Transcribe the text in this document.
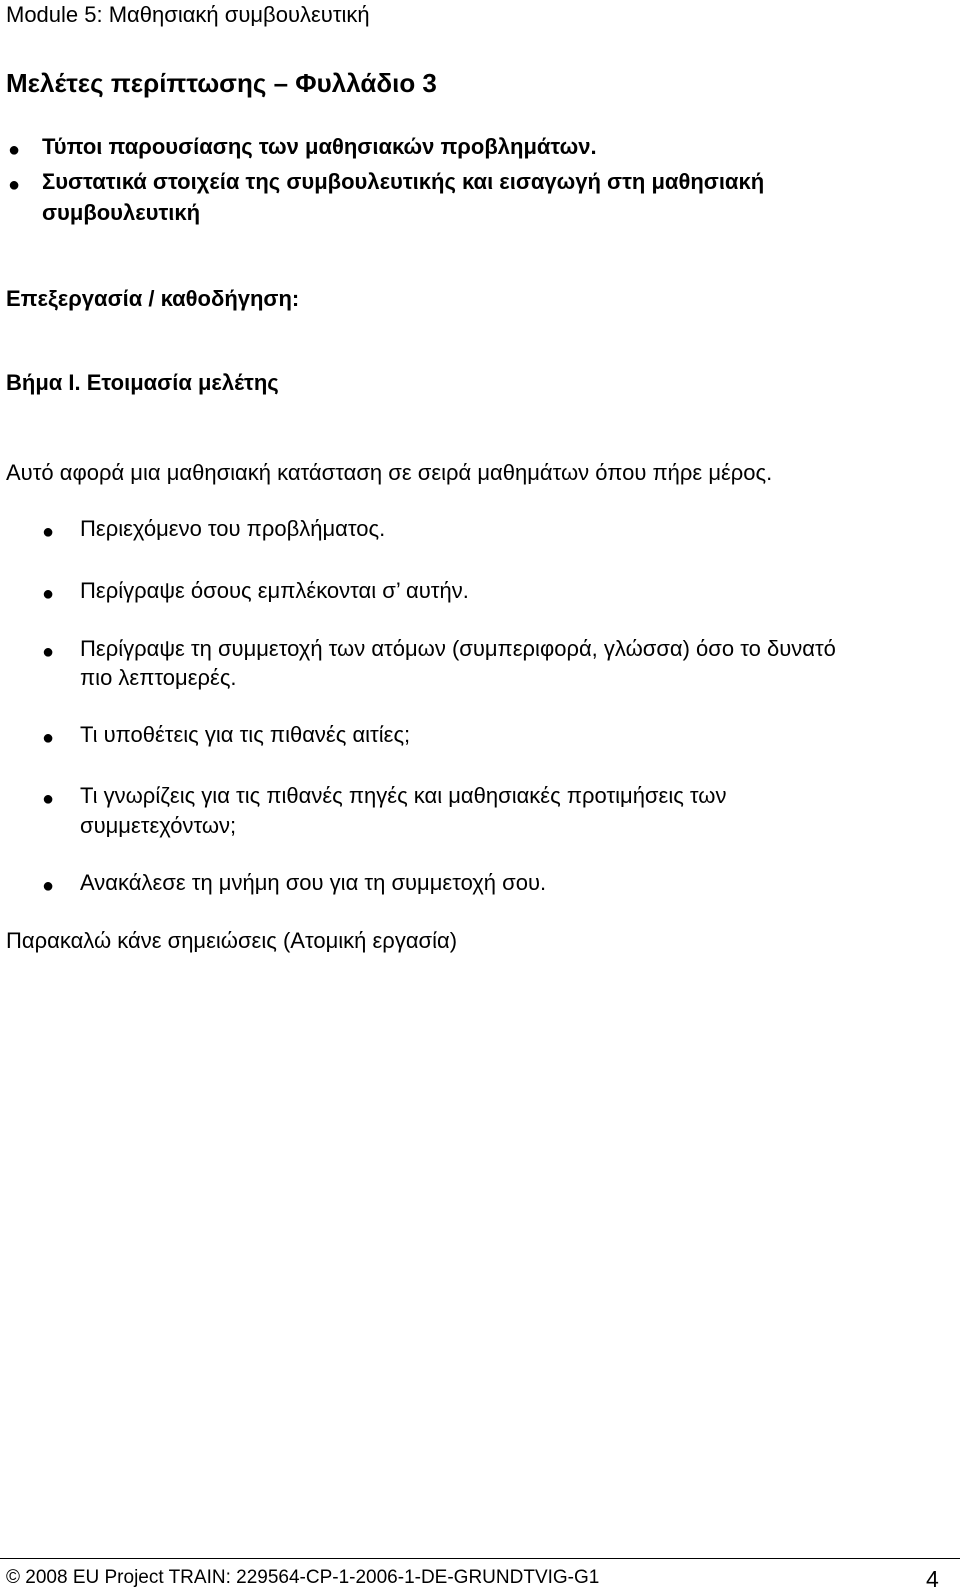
Module 5: Μαθησιακή συμβουλευτική
Μελέτες περίπτωσης – Φυλλάδιο 3
● Τύποι παρουσίασης των μαθησιακών προβλημάτων.
● Συστατικά στοιχεία της συμβουλευτικής και εισαγωγή στη μαθησιακή
συμβουλευτική
Επεξεργασία / καθοδήγηση:
Βήμα Ι. Ετοιμασία μελέτης
Αυτό αφορά μια μαθησιακή κατάσταση σε σειρά μαθημάτων όπου πήρε μέρος.
● Περιεχόμενο του προβλήματος.
● Περίγραψε όσους εμπλέκονται σ’ αυτήν.
● Περίγραψε τη συμμετοχή των ατόμων (συμπεριφορά, γλώσσα) όσο το δυνατό
πιο λεπτομερές.
● Τι υποθέτεις για τις πιθανές αιτίες;
● Τι γνωρίζεις για τις πιθανές πηγές και μαθησιακές προτιμήσεις των
συμμετεχόντων;
● Ανακάλεσε τη μνήμη σου για τη συμμετοχή σου.
Παρακαλώ κάνε σημειώσεις (Ατομική εργασία)
© 2008 EU Project TRAIN: 229564-CP-1-2006-1-DE-GRUNDTVIG-G1	4
